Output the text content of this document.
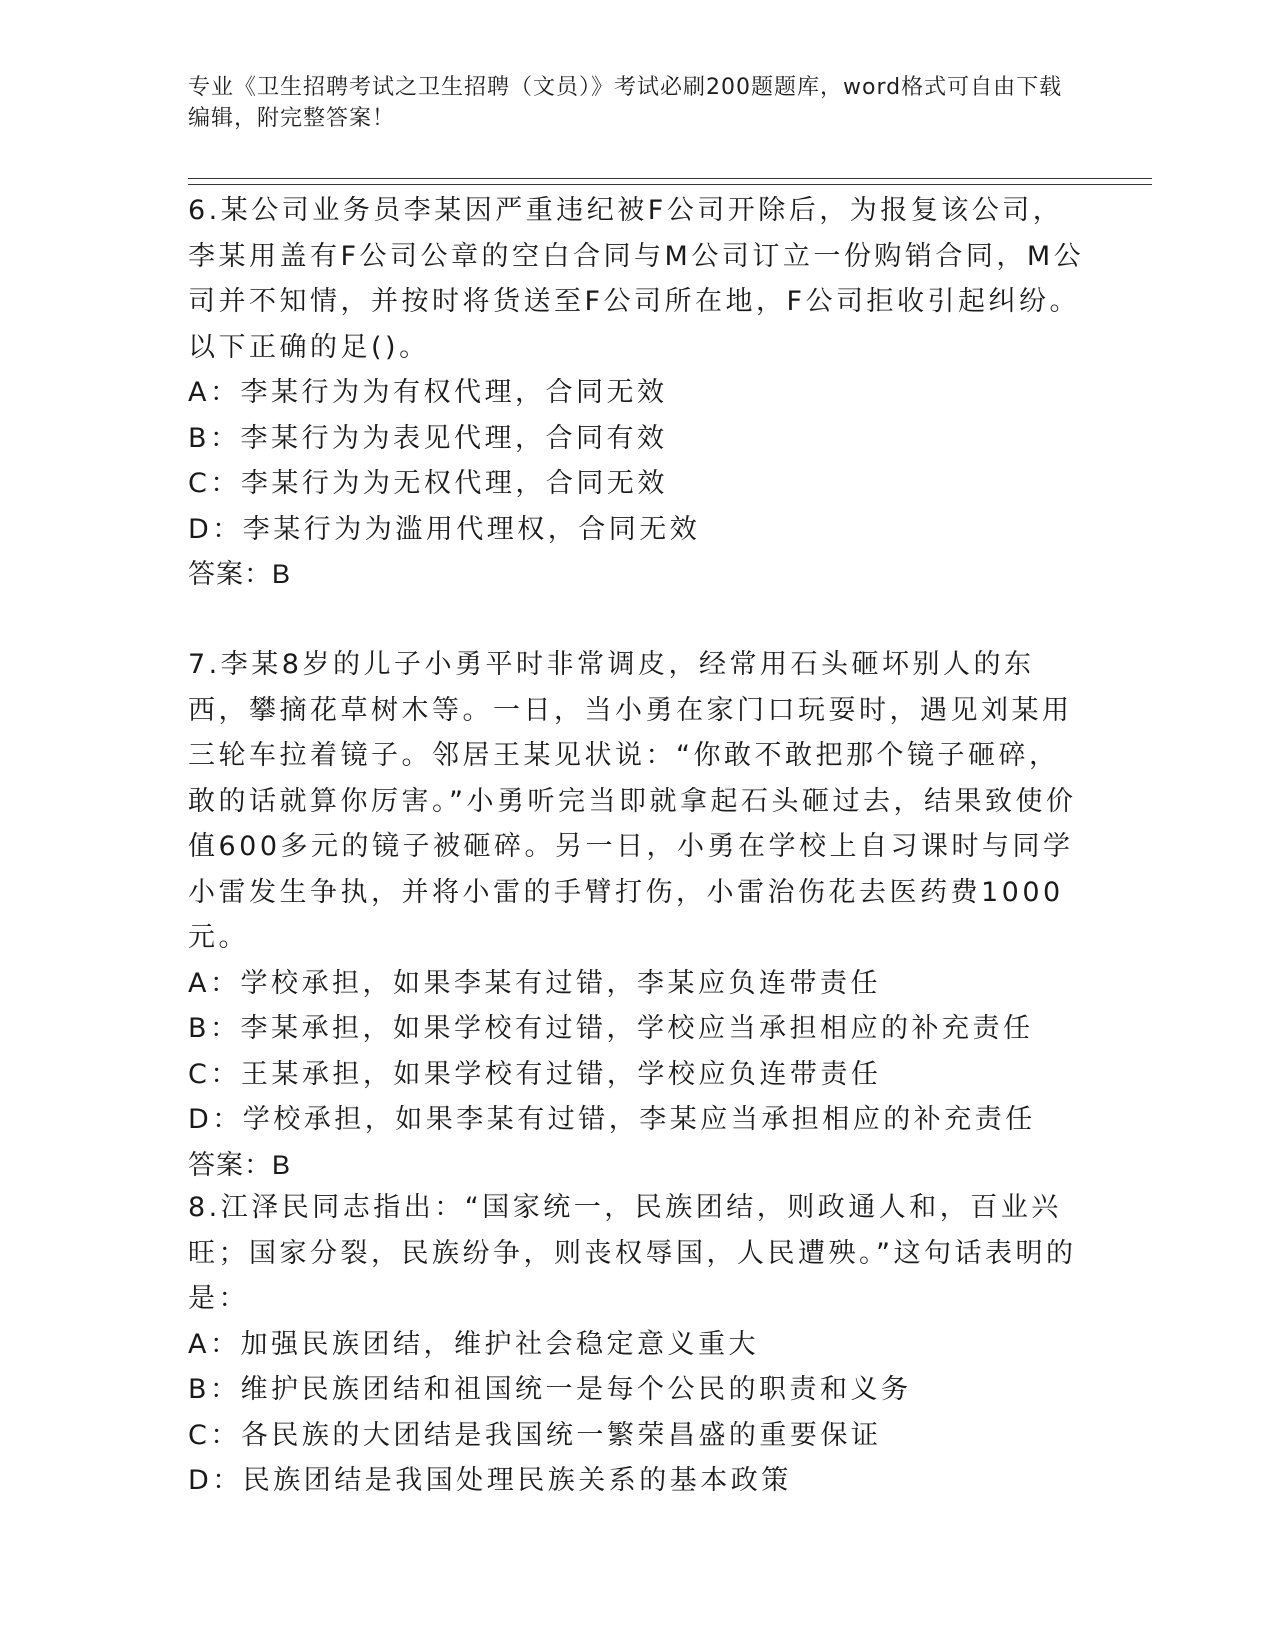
专业《卫生招聘考试之卫生招聘（文员）》考试必刷200题题库，word格式可自由下载编辑，附完整答案！

6.某公司业务员李某因严重违纪被F公司开除后，为报复该公司，李某用盖有F公司公章的空白合同与M公司订立一份购销合同，M公司并不知情，并按时将货送至F公司所在地，F公司拒收引起纠纷。以下正确的足()。

A：李某行为为有权代理，合同无效

B：李某行为为表见代理，合同有效

C：李某行为为无权代理，合同无效

D：李某行为为滥用代理权，合同无效

答案：B

7.李某8岁的儿子小勇平时非常调皮，经常用石头砸坏别人的东西，攀摘花草树木等。一日，当小勇在家门口玩耍时，遇见刘某用三轮车拉着镜子。邻居王某见状说：“你敢不敢把那个镜子砸碎，敢的话就算你厉害。”小勇听完当即就拿起石头砸过去，结果致使价值600多元的镜子被砸碎。另一日，小勇在学校上自习课时与同学小雷发生争执，并将小雷的手臂打伤，小雷治伤花去医药费1000元。

A：学校承担，如果李某有过错，李某应负连带责任

B：李某承担，如果学校有过错，学校应当承担相应的补充责任

C：王某承担，如果学校有过错，学校应负连带责任

D：学校承担，如果李某有过错，李某应当承担相应的补充责任

答案：B

8.江泽民同志指出：“国家统一，民族团结，则政通人和，百业兴旺；国家分裂，民族纷争，则丧权辱国，人民遭殃。”这句话表明的是：

A：加强民族团结，维护社会稳定意义重大

B：维护民族团结和祖国统一是每个公民的职责和义务

C：各民族的大团结是我国统一繁荣昌盛的重要保证

D：民族团结是我国处理民族关系的基本政策
